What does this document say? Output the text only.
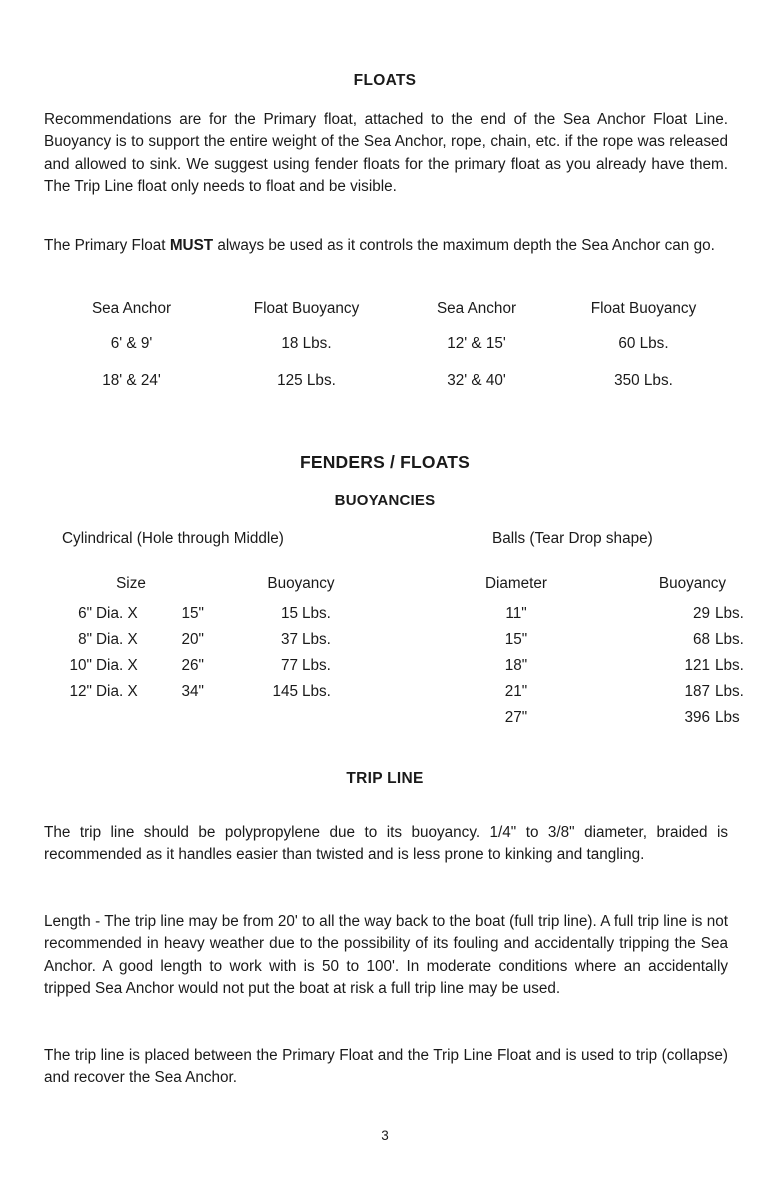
FLOATS
Recommendations are for the Primary float, attached to the end of the Sea Anchor Float Line. Buoyancy is to support the entire weight of the Sea Anchor, rope, chain, etc. if the rope was released and allowed to sink. We suggest using fender floats for the primary float as you already have them. The Trip Line float only needs to float and be visible.
The Primary Float MUST always be used as it controls the maximum depth the Sea Anchor can go.
Sea Anchor	Float Buoyancy	Sea Anchor	Float Buoyancy
6' & 9'	18 Lbs.	12' & 15'	60 Lbs.
18' & 24'	125 Lbs.	32' & 40'	350 Lbs.
FENDERS / FLOATS
BUOYANCIES
Cylindrical (Hole through Middle)	Balls (Tear Drop shape)
Size				Buoyancy	
6"	Dia. X	15"		15	Lbs.
8"	Dia. X	20"		37	Lbs.
10"	Dia. X	26"		77	Lbs.
12"	Dia. X	34"		145	Lbs.
Diameter		Buoyancy	
11"		29	Lbs.
15"		68	Lbs.
18"		121	Lbs.
21"		187	Lbs.
27"		396	Lbs
TRIP LINE
The trip line should be polypropylene due to its buoyancy. 1/4" to 3/8" diameter, braided is recommended as it handles easier than twisted and is less prone to kinking and tangling.
Length - The trip line may be from 20' to all the way back to the boat (full trip line). A full trip line is not recommended in heavy weather due to the possibility of its fouling and accidentally tripping the Sea Anchor. A good length to work with is 50 to 100'. In moderate conditions where an accidentally tripped Sea Anchor would not put the boat at risk a full trip line may be used.
The trip line is placed between the Primary Float and the Trip Line Float and is used to trip (collapse) and recover the Sea Anchor.
3
